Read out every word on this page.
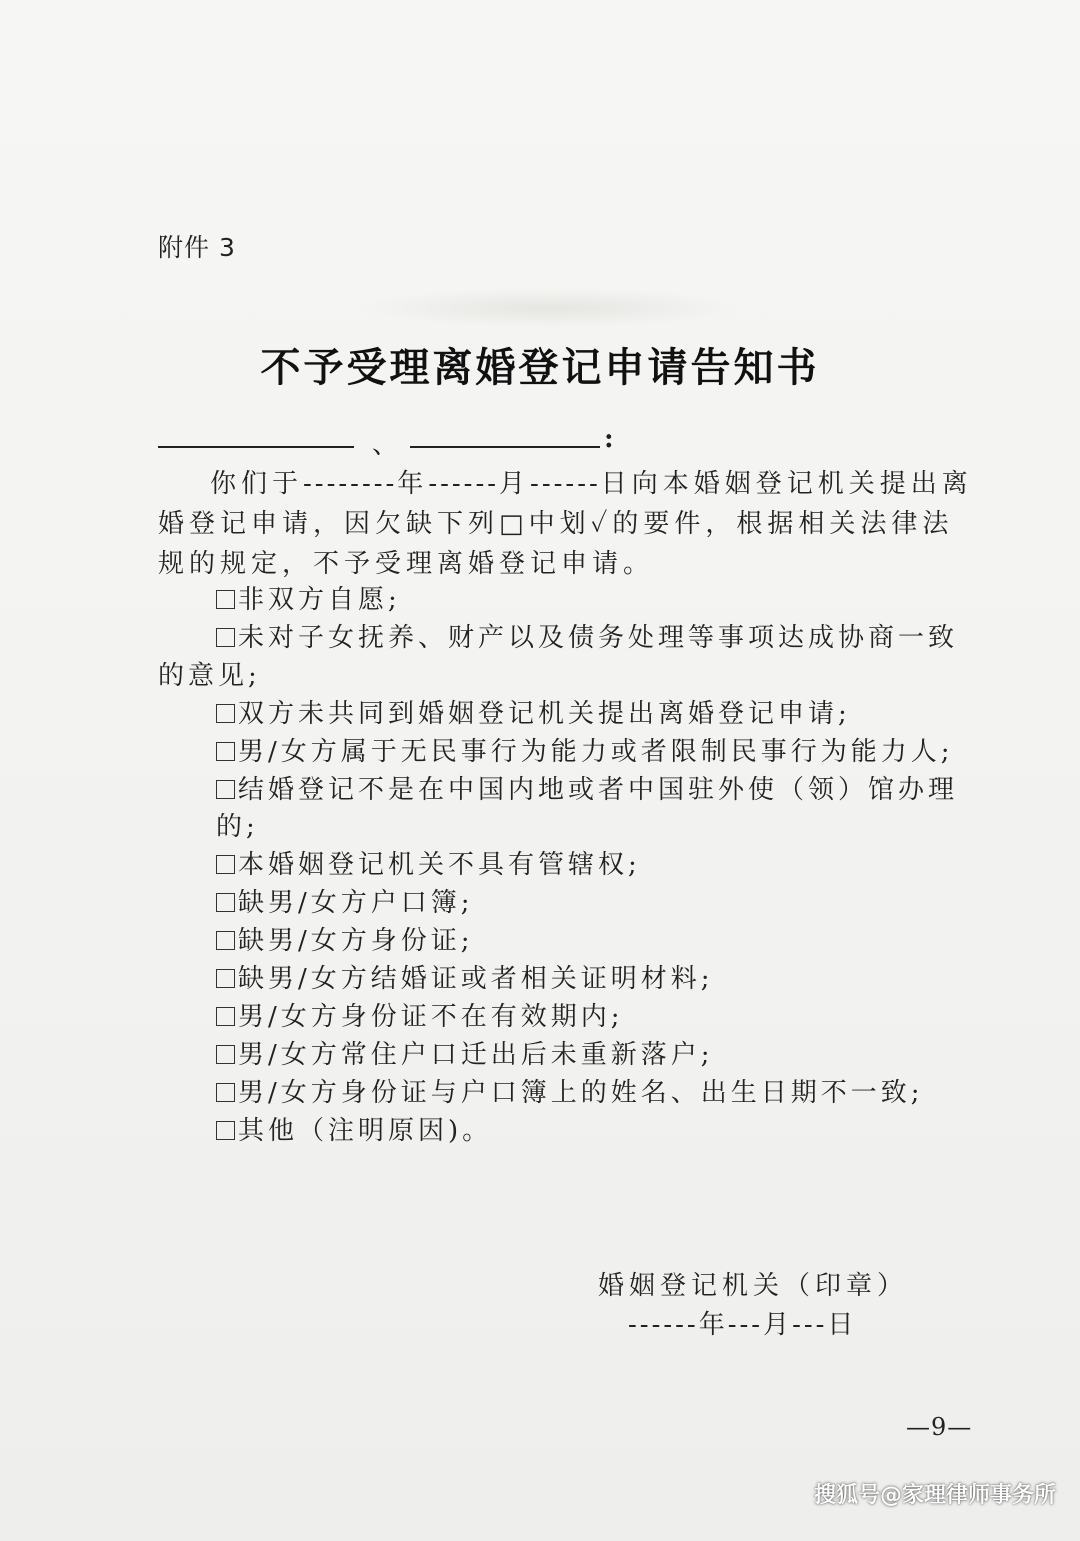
附件 3
不予受理离婚登记申请告知书
、	:

你们于--------年------月------日向本婚姻登记机关提出离婚登记申请，因欠缺下列□中划✓的要件，根据相关法律法规的规定，不予受理离婚登记申请。

非双方自愿;

未对子女抚养、财产以及债务处理等事项达成协商一致的意见;

双方未共同到婚姻登记机关提出离婚登记申请;

男/女方属于无民事行为能力或者限制民事行为能力人;

结婚登记不是在中国内地或者中国驻外使（领）馆办理的;

本婚姻登记机关不具有管辖权;

缺男/女方户口簿;

缺男/女方身份证;

缺男/女方结婚证或者相关证明材料;

男/女方身份证不在有效期内;

男/女方常住户口迁出后未重新落户;

男/女方身份证与户口簿上的姓名、出生日期不一致;

其他（注明原因)。

婚姻登记机关（印章）
------年---月---日
—9—
搜狐号@家理律师事务所
